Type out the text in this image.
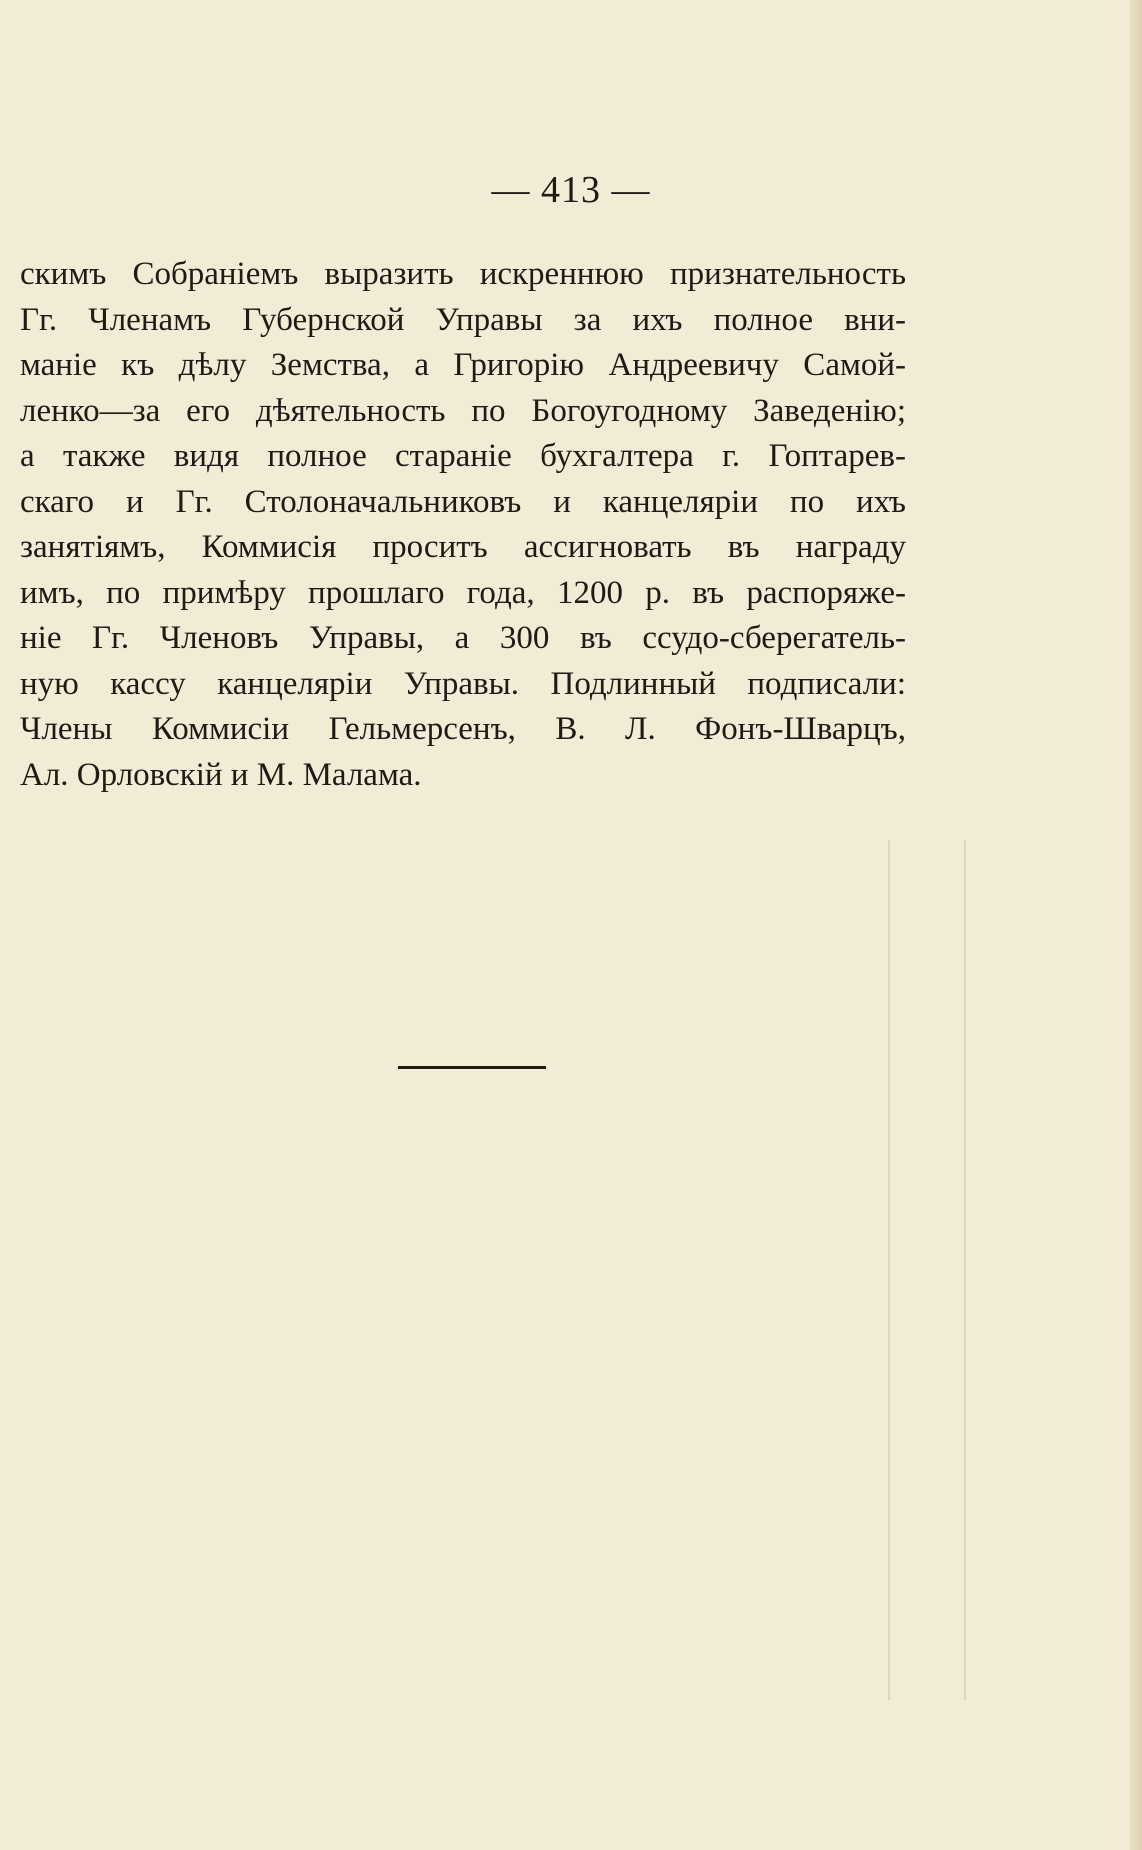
— 413 —

скимъ Собраніемъ выразить искреннюю признательность
Гг. Членамъ Губернской Управы за ихъ полное вни-
маніе къ дѣлу Земства, а Григорію Андреевичу Самой-
ленко—за его дѣятельность по Богоугодному Заведенію;
а также видя полное стараніе бухгалтера г. Гоптарев-
скаго и Гг. Столоначальниковъ и канцеляріи по ихъ
занятіямъ, Коммисія проситъ ассигновать въ награду
имъ, по примѣру прошлаго года, 1200 р. въ распоряже-
ніе Гг. Членовъ Управы, а 300 въ ссудо-сберегатель-
ную кассу канцеляріи Управы. Подлинный подписали:
Члены Коммисіи Гельмерсенъ, В. Л. Фонъ-Шварцъ,
Ал. Орловскій и М. Малама.
